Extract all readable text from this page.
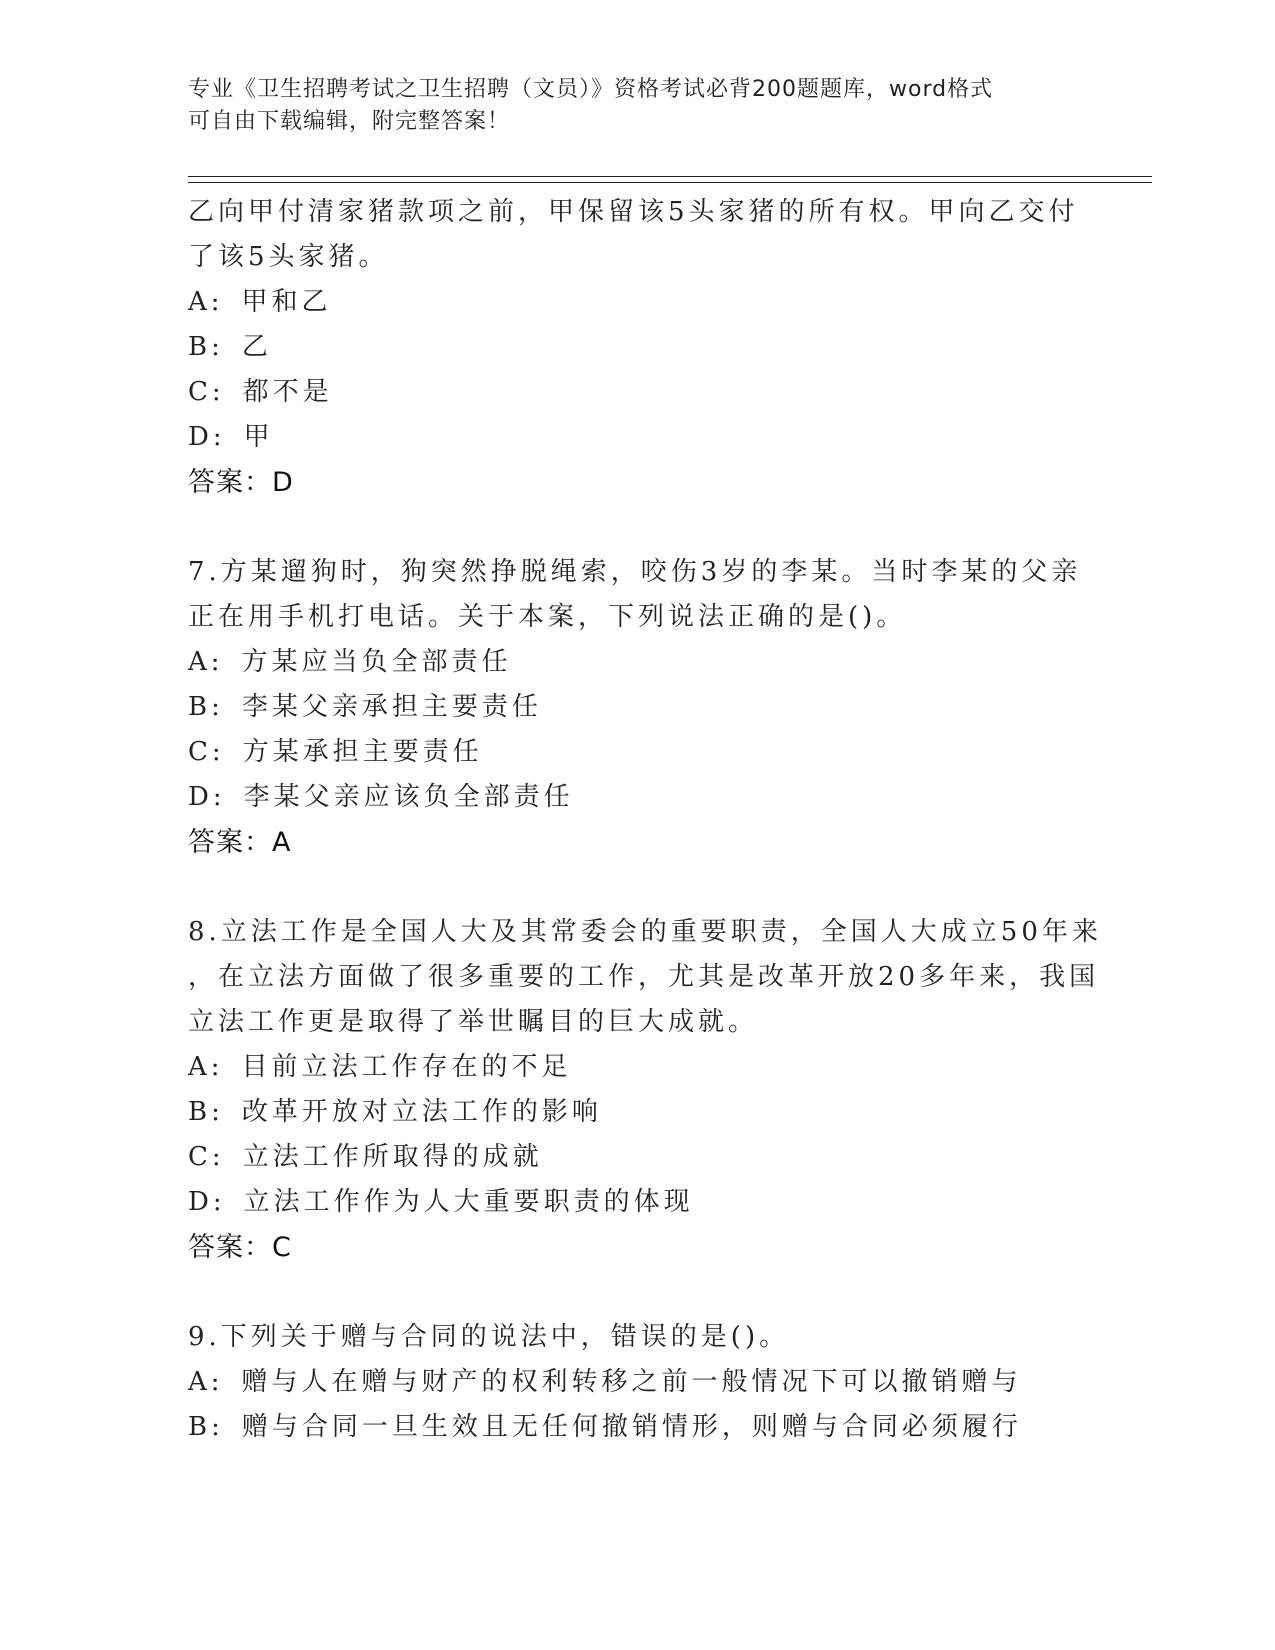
专业《卫生招聘考试之卫生招聘（文员）》资格考试必背200题题库，word格式
可自由下载编辑，附完整答案！

乙向甲付清家猪款项之前，甲保留该5头家猪的所有权。甲向乙交付
了该5头家猪。

A: 甲和乙

B: 乙

C: 都不是

D: 甲

答案：D

7.方某遛狗时，狗突然挣脱绳索，咬伤3岁的李某。当时李某的父亲
正在用手机打电话。关于本案，下列说法正确的是()。

A: 方某应当负全部责任

B: 李某父亲承担主要责任

C: 方某承担主要责任

D: 李某父亲应该负全部责任

答案：A

8.立法工作是全国人大及其常委会的重要职责，全国人大成立50年来
，在立法方面做了很多重要的工作，尤其是改革开放20多年来，我国
立法工作更是取得了举世瞩目的巨大成就。

A: 目前立法工作存在的不足

B: 改革开放对立法工作的影响

C: 立法工作所取得的成就

D: 立法工作作为人大重要职责的体现

答案：C

9.下列关于赠与合同的说法中，错误的是()。

A: 赠与人在赠与财产的权利转移之前一般情况下可以撤销赠与

B: 赠与合同一旦生效且无任何撤销情形，则赠与合同必须履行
